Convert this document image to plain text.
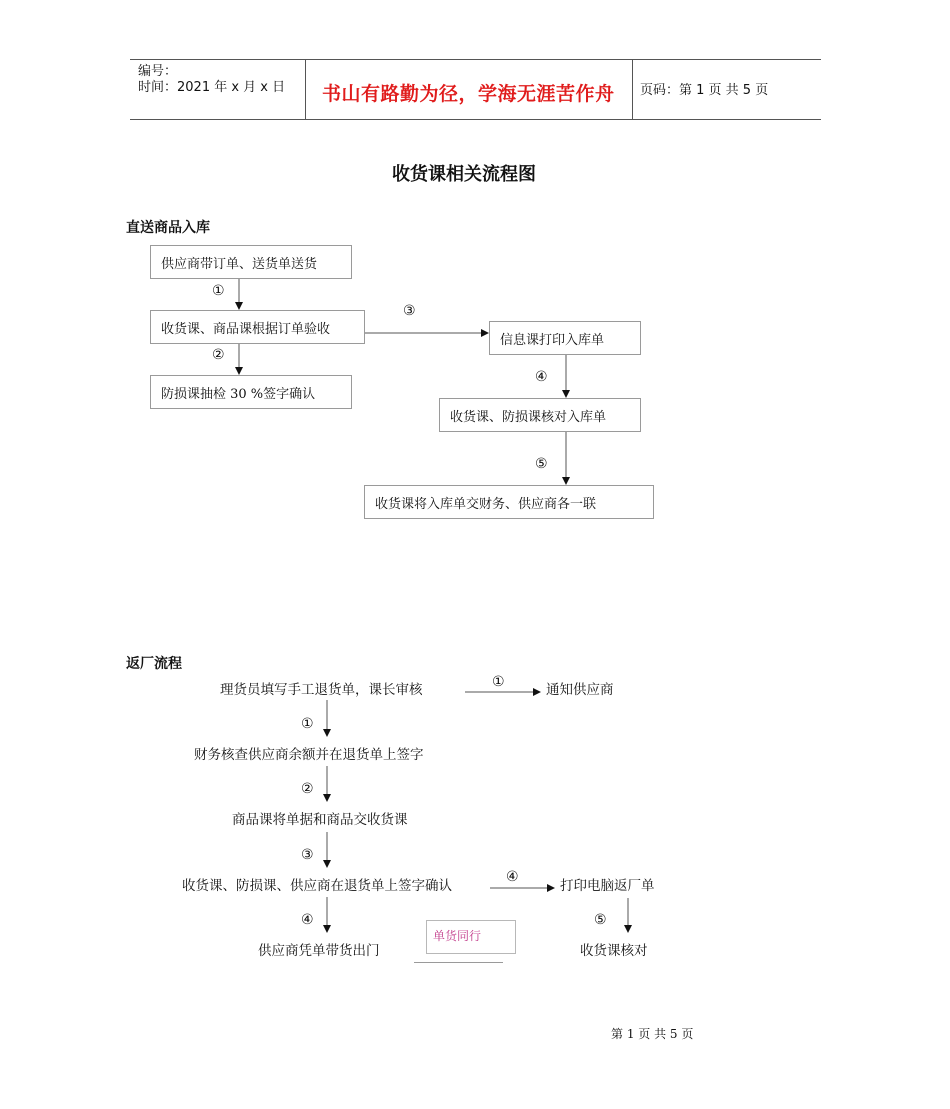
编号：
时间：2021 年 x 月 x 日 书山有路勤为径，学海无涯苦作舟 页码：第 1 页 共 5 页
收货课相关流程图
直送商品入库
供应商带订单、送货单送货
收货课、商品课根据订单验收
防损课抽检 30 %签字确认
信息课打印入库单
收货课、防损课核对入库单
收货课将入库单交财务、供应商各一联
①
②
③
④
⑤
返厂流程
理货员填写手工退货单，课长审核	通知供应商
财务核查供应商余额并在退货单上签字
商品课将单据和商品交收货课
收货课、防损课、供应商在退货单上签字确认	打印电脑返厂单
供应商凭单带货出门	收货课核对
①
①
②
③
④
④	⑤
单货同行
第 1 页 共 5 页
